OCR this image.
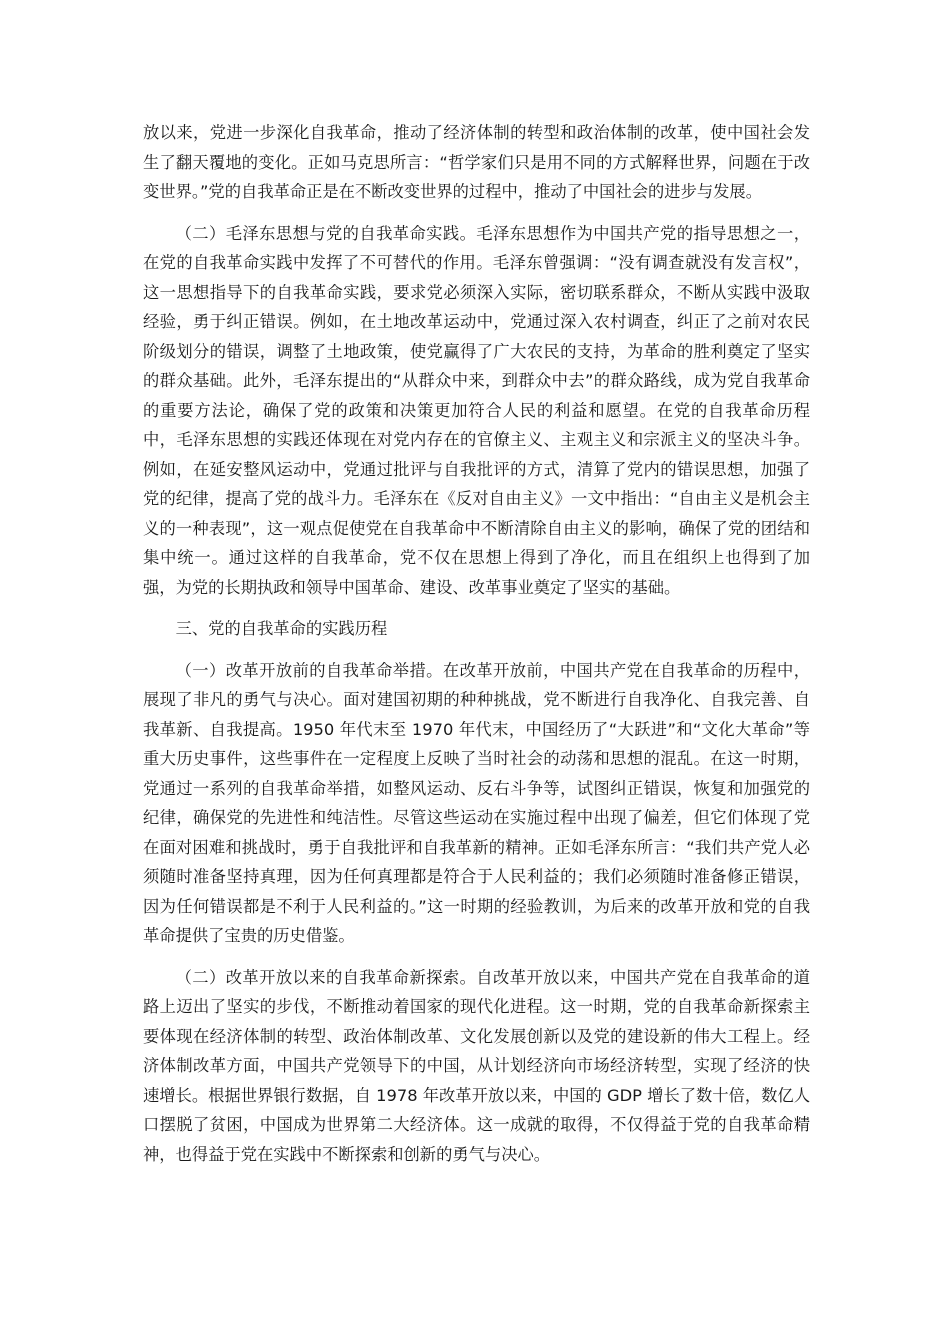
放以来，党进一步深化自我革命，推动了经济体制的转型和政治体制的改革，使中国社会发生了翻天覆地的变化。正如马克思所言：“哲学家们只是用不同的方式解释世界，问题在于改变世界。”党的自我革命正是在不断改变世界的过程中，推动了中国社会的进步与发展。

（二）毛泽东思想与党的自我革命实践。毛泽东思想作为中国共产党的指导思想之一，在党的自我革命实践中发挥了不可替代的作用。毛泽东曾强调：“没有调查就没有发言权”，这一思想指导下的自我革命实践，要求党必须深入实际，密切联系群众，不断从实践中汲取经验，勇于纠正错误。例如，在土地改革运动中，党通过深入农村调查，纠正了之前对农民阶级划分的错误，调整了土地政策，使党赢得了广大农民的支持，为革命的胜利奠定了坚实的群众基础。此外，毛泽东提出的“从群众中来，到群众中去”的群众路线，成为党自我革命的重要方法论，确保了党的政策和决策更加符合人民的利益和愿望。在党的自我革命历程中，毛泽东思想的实践还体现在对党内存在的官僚主义、主观主义和宗派主义的坚决斗争。例如，在延安整风运动中，党通过批评与自我批评的方式，清算了党内的错误思想，加强了党的纪律，提高了党的战斗力。毛泽东在《反对自由主义》一文中指出：“自由主义是机会主义的一种表现”，这一观点促使党在自我革命中不断清除自由主义的影响，确保了党的团结和集中统一。通过这样的自我革命，党不仅在思想上得到了净化，而且在组织上也得到了加强，为党的长期执政和领导中国革命、建设、改革事业奠定了坚实的基础。

三、党的自我革命的实践历程

（一）改革开放前的自我革命举措。在改革开放前，中国共产党在自我革命的历程中，展现了非凡的勇气与决心。面对建国初期的种种挑战，党不断进行自我净化、自我完善、自我革新、自我提高。1950 年代末至 1970 年代末，中国经历了“大跃进”和“文化大革命”等重大历史事件，这些事件在一定程度上反映了当时社会的动荡和思想的混乱。在这一时期，党通过一系列的自我革命举措，如整风运动、反右斗争等，试图纠正错误，恢复和加强党的纪律，确保党的先进性和纯洁性。尽管这些运动在实施过程中出现了偏差，但它们体现了党在面对困难和挑战时，勇于自我批评和自我革新的精神。正如毛泽东所言：“我们共产党人必须随时准备坚持真理，因为任何真理都是符合于人民利益的；我们必须随时准备修正错误，因为任何错误都是不利于人民利益的。”这一时期的经验教训，为后来的改革开放和党的自我革命提供了宝贵的历史借鉴。

（二）改革开放以来的自我革命新探索。自改革开放以来，中国共产党在自我革命的道路上迈出了坚实的步伐，不断推动着国家的现代化进程。这一时期，党的自我革命新探索主要体现在经济体制的转型、政治体制改革、文化发展创新以及党的建设新的伟大工程上。经济体制改革方面，中国共产党领导下的中国，从计划经济向市场经济转型，实现了经济的快速增长。根据世界银行数据，自 1978 年改革开放以来，中国的 GDP 增长了数十倍，数亿人口摆脱了贫困，中国成为世界第二大经济体。这一成就的取得，不仅得益于党的自我革命精神，也得益于党在实践中不断探索和创新的勇气与决心。
